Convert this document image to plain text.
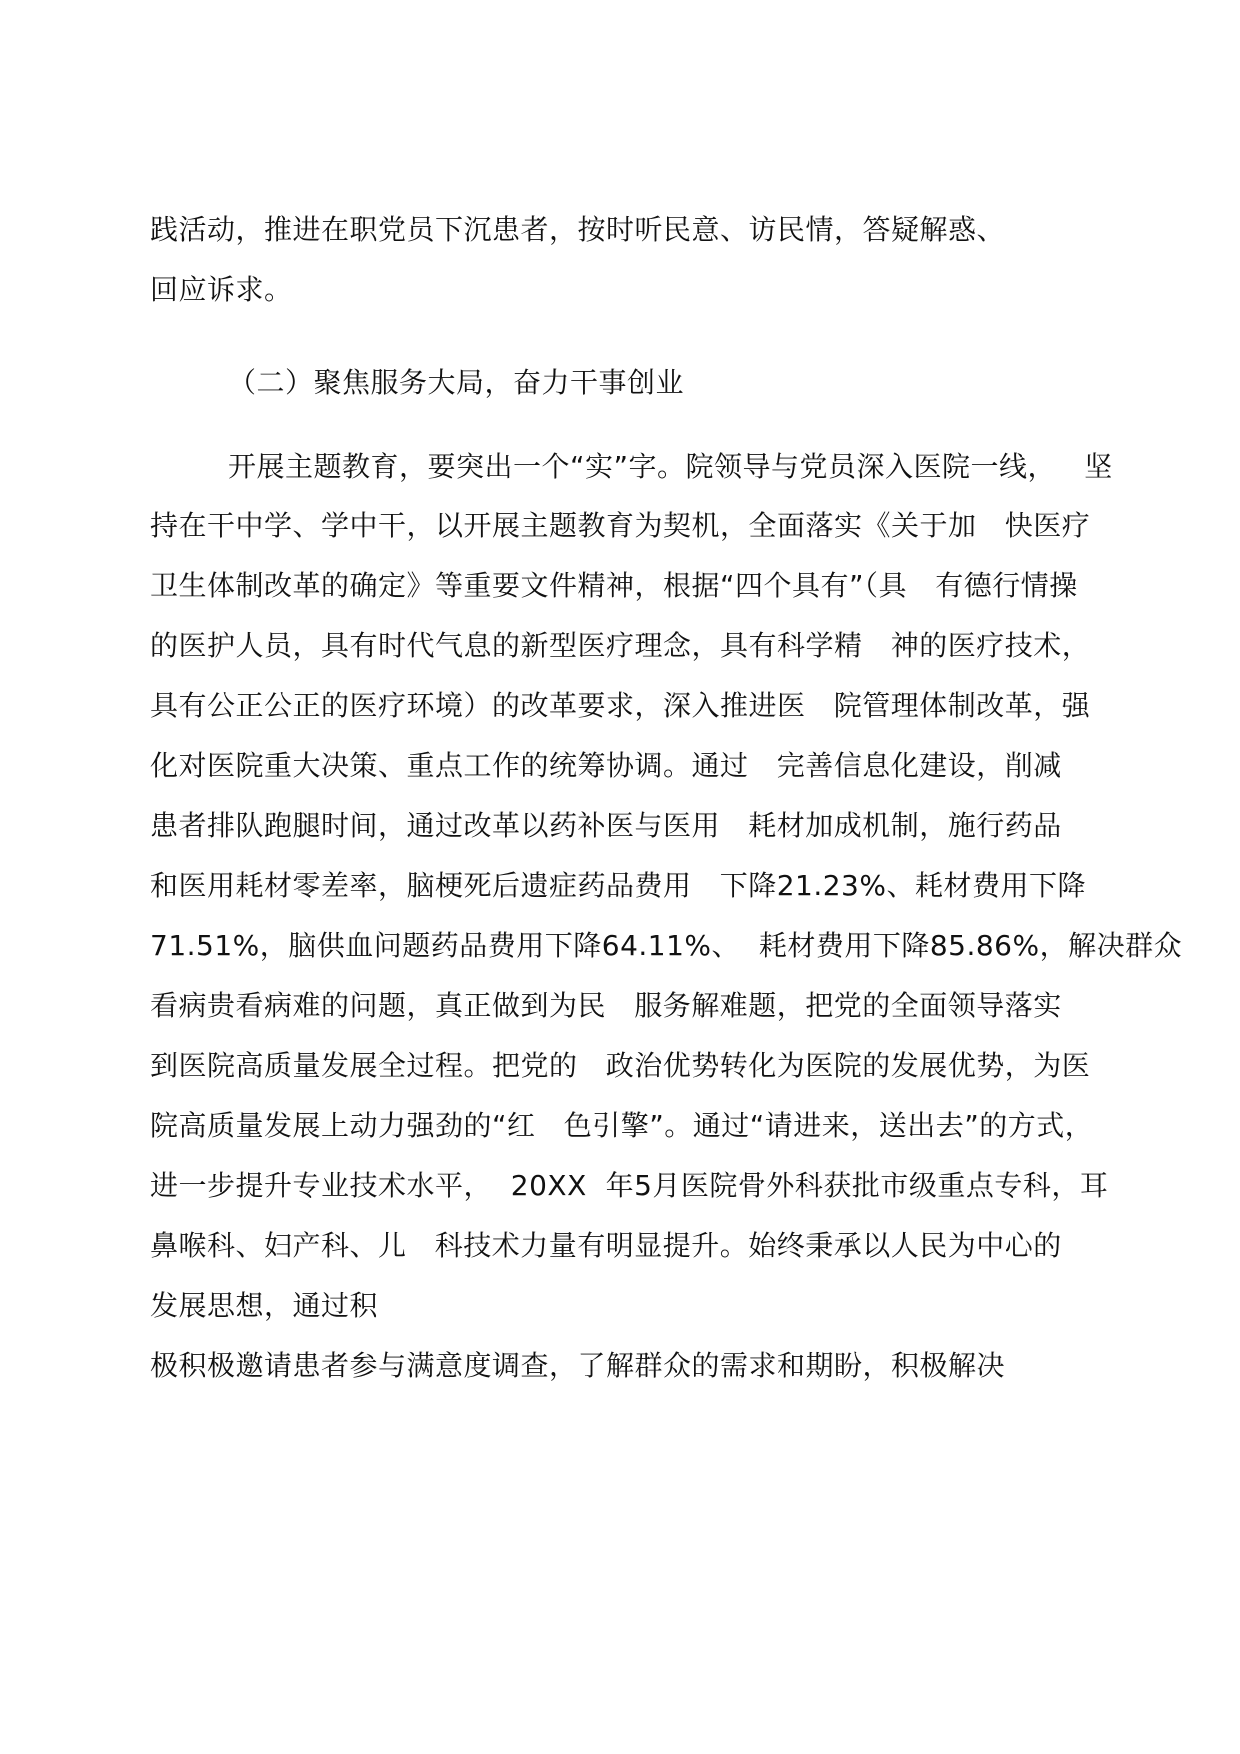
践活动，推进在职党员下沉患者，按时听民意、访民情，答疑解惑、
回应诉求。
（二）聚焦服务大局，奋力干事创业
开展主题教育，要突出一个“实”字。院领导与党员深入医院一线，   坚
持在干中学、学中干，以开展主题教育为契机，全面落实《关于加   快医疗
卫生体制改革的确定》等重要文件精神，根据“四个具有”（具   有德行情操
的医护人员，具有时代气息的新型医疗理念，具有科学精   神的医疗技术，
具有公正公正的医疗环境）的改革要求，深入推进医   院管理体制改革，强
化对医院重大决策、重点工作的统筹协调。通过   完善信息化建设，削减
患者排队跑腿时间，通过改革以药补医与医用   耗材加成机制，施行药品
和医用耗材零差率，脑梗死后遗症药品费用   下降21.23%、耗材费用下降
71.51%，脑供血问题药品费用下降64.11%、  耗材费用下降85.86%，解决群众
看病贵看病难的问题，真正做到为民   服务解难题，把党的全面领导落实
到医院高质量发展全过程。把党的   政治优势转化为医院的发展优势，为医
院高质量发展上动力强劲的“红   色引擎”。通过“请进来，送出去”的方式，
进一步提升专业技术水平，  20XX  年5月医院骨外科获批市级重点专科，耳
鼻喉科、妇产科、儿   科技术力量有明显提升。始终秉承以人民为中心的
发展思想，通过积
极积极邀请患者参与满意度调查，了解群众的需求和期盼，积极解决
